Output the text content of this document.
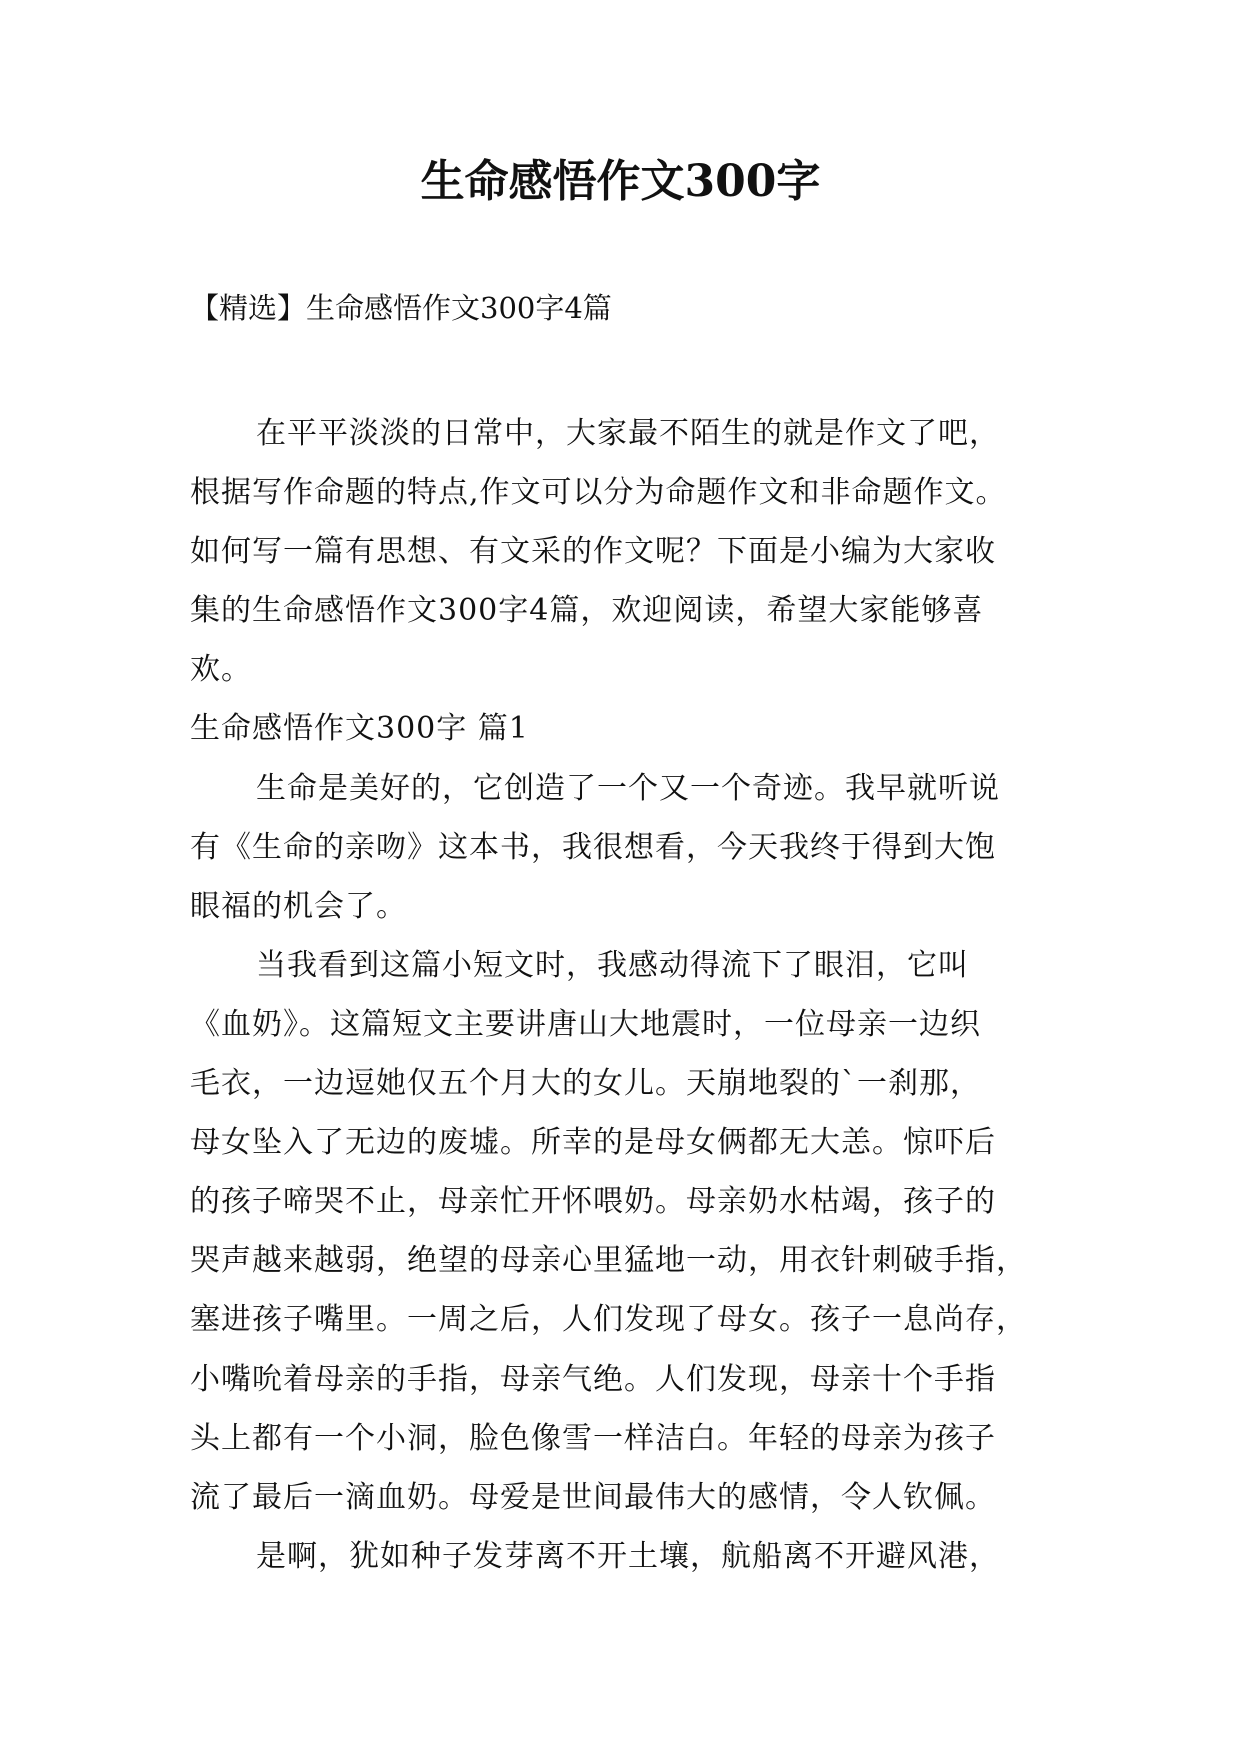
生命感悟作文300字

【精选】生命感悟作文300字4篇

在平平淡淡的日常中，大家最不陌生的就是作文了吧，
根据写作命题的特点,作文可以分为命题作文和非命题作文。
如何写一篇有思想、有文采的作文呢？下面是小编为大家收
集的生命感悟作文300字4篇，欢迎阅读，希望大家能够喜
欢。
生命感悟作文300字 篇1
生命是美好的，它创造了一个又一个奇迹。我早就听说
有《生命的亲吻》这本书，我很想看，今天我终于得到大饱
眼福的机会了。
当我看到这篇小短文时，我感动得流下了眼泪，它叫
《血奶》。这篇短文主要讲唐山大地震时，一位母亲一边织
毛衣，一边逗她仅五个月大的女儿。天崩地裂的`一刹那，
母女坠入了无边的废墟。所幸的是母女俩都无大恙。惊吓后
的孩子啼哭不止，母亲忙开怀喂奶。母亲奶水枯竭，孩子的
哭声越来越弱，绝望的母亲心里猛地一动，用衣针刺破手指，
塞进孩子嘴里。一周之后，人们发现了母女。孩子一息尚存，
小嘴吮着母亲的手指，母亲气绝。人们发现，母亲十个手指
头上都有一个小洞，脸色像雪一样洁白。年轻的母亲为孩子
流了最后一滴血奶。母爱是世间最伟大的感情，令人钦佩。
是啊，犹如种子发芽离不开土壤，航船离不开避风港，
